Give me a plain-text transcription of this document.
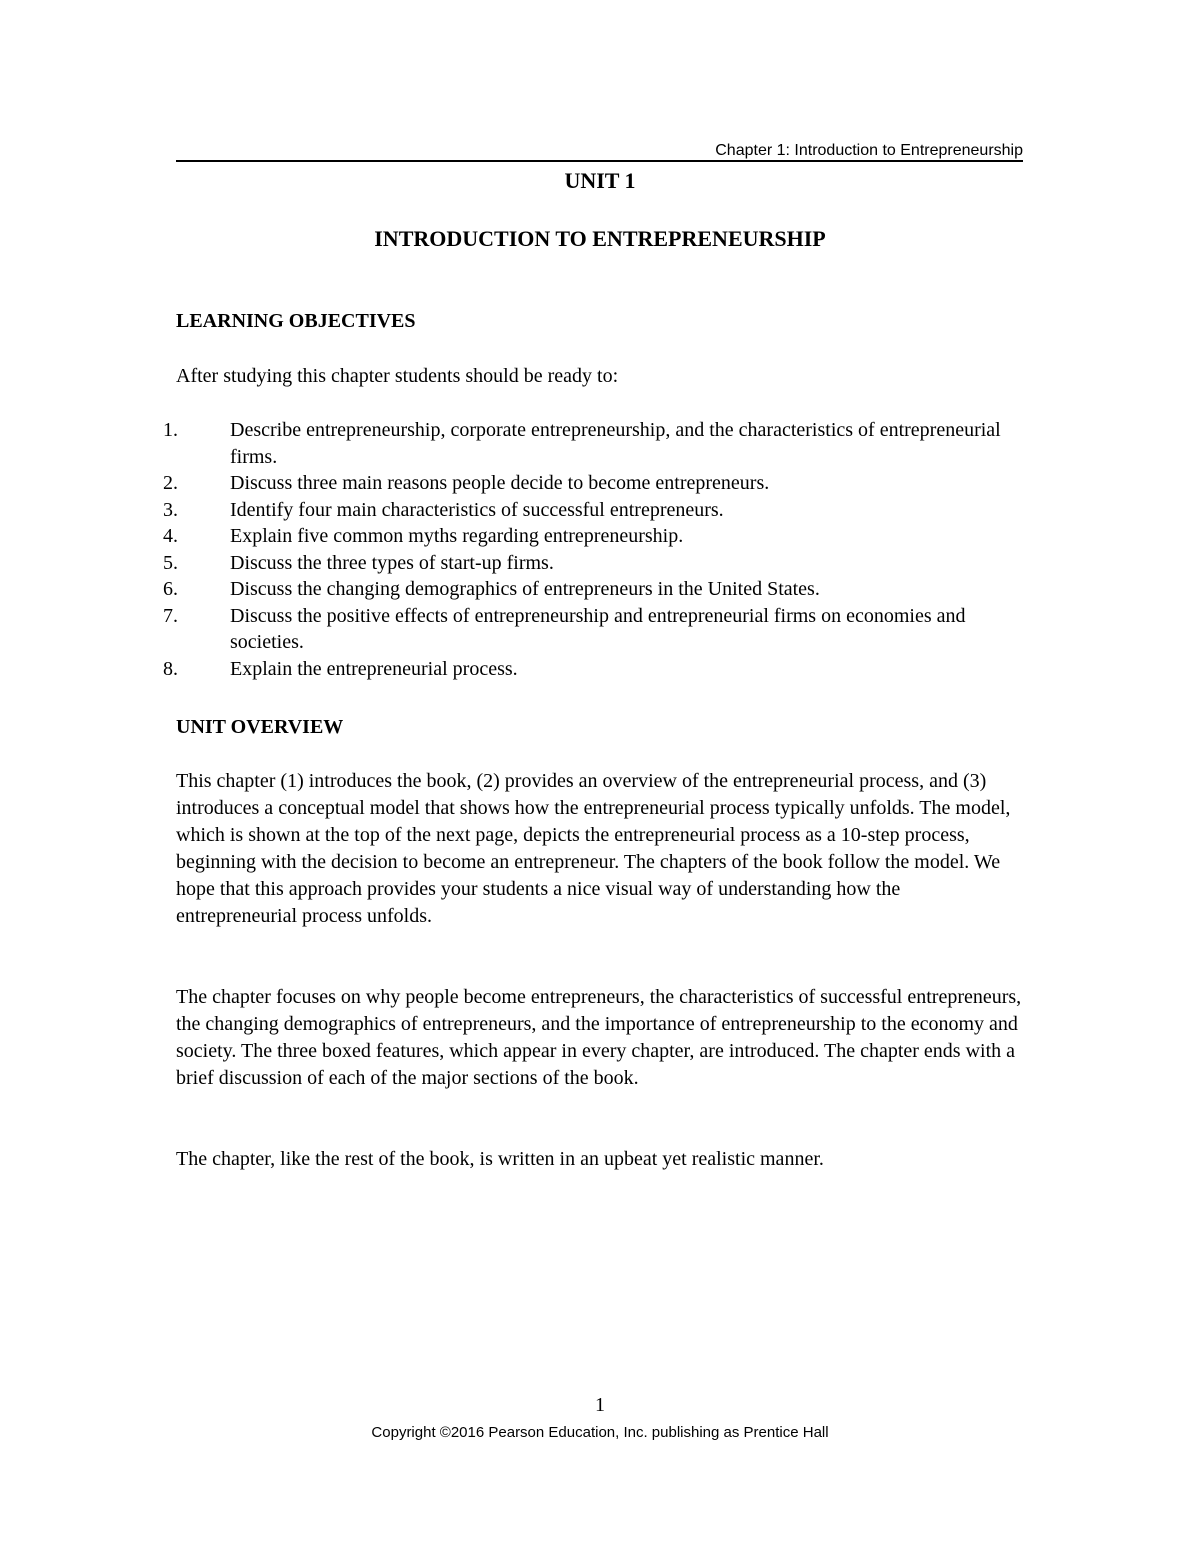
Chapter 1: Introduction to Entrepreneurship
UNIT 1
INTRODUCTION TO ENTREPRENEURSHIP
LEARNING OBJECTIVES

After studying this chapter students should be ready to:

1.	Describe entrepreneurship, corporate entrepreneurship, and the characteristics of entrepreneurial firms.
2.	Discuss three main reasons people decide to become entrepreneurs.
3.	Identify four main characteristics of successful entrepreneurs.
4.	Explain five common myths regarding entrepreneurship.
5.	Discuss the three types of start-up firms.
6.	Discuss the changing demographics of entrepreneurs in the United States.
7.	Discuss the positive effects of entrepreneurship and entrepreneurial firms on economies and societies.
8.	Explain the entrepreneurial process.
UNIT OVERVIEW

This chapter (1) introduces the book, (2) provides an overview of the entrepreneurial process, and (3) introduces a conceptual model that shows how the entrepreneurial process typically unfolds. The model, which is shown at the top of the next page, depicts the entrepreneurial process as a 10-step process, beginning with the decision to become an entrepreneur. The chapters of the book follow the model. We hope that this approach provides your students a nice visual way of understanding how the entrepreneurial process unfolds.

The chapter focuses on why people become entrepreneurs, the characteristics of successful entrepreneurs, the changing demographics of entrepreneurs, and the importance of entrepreneurship to the economy and society. The three boxed features, which appear in every chapter, are introduced. The chapter ends with a brief discussion of each of the major sections of the book.

The chapter, like the rest of the book, is written in an upbeat yet realistic manner.

1
Copyright ©2016 Pearson Education, Inc. publishing as Prentice Hall
